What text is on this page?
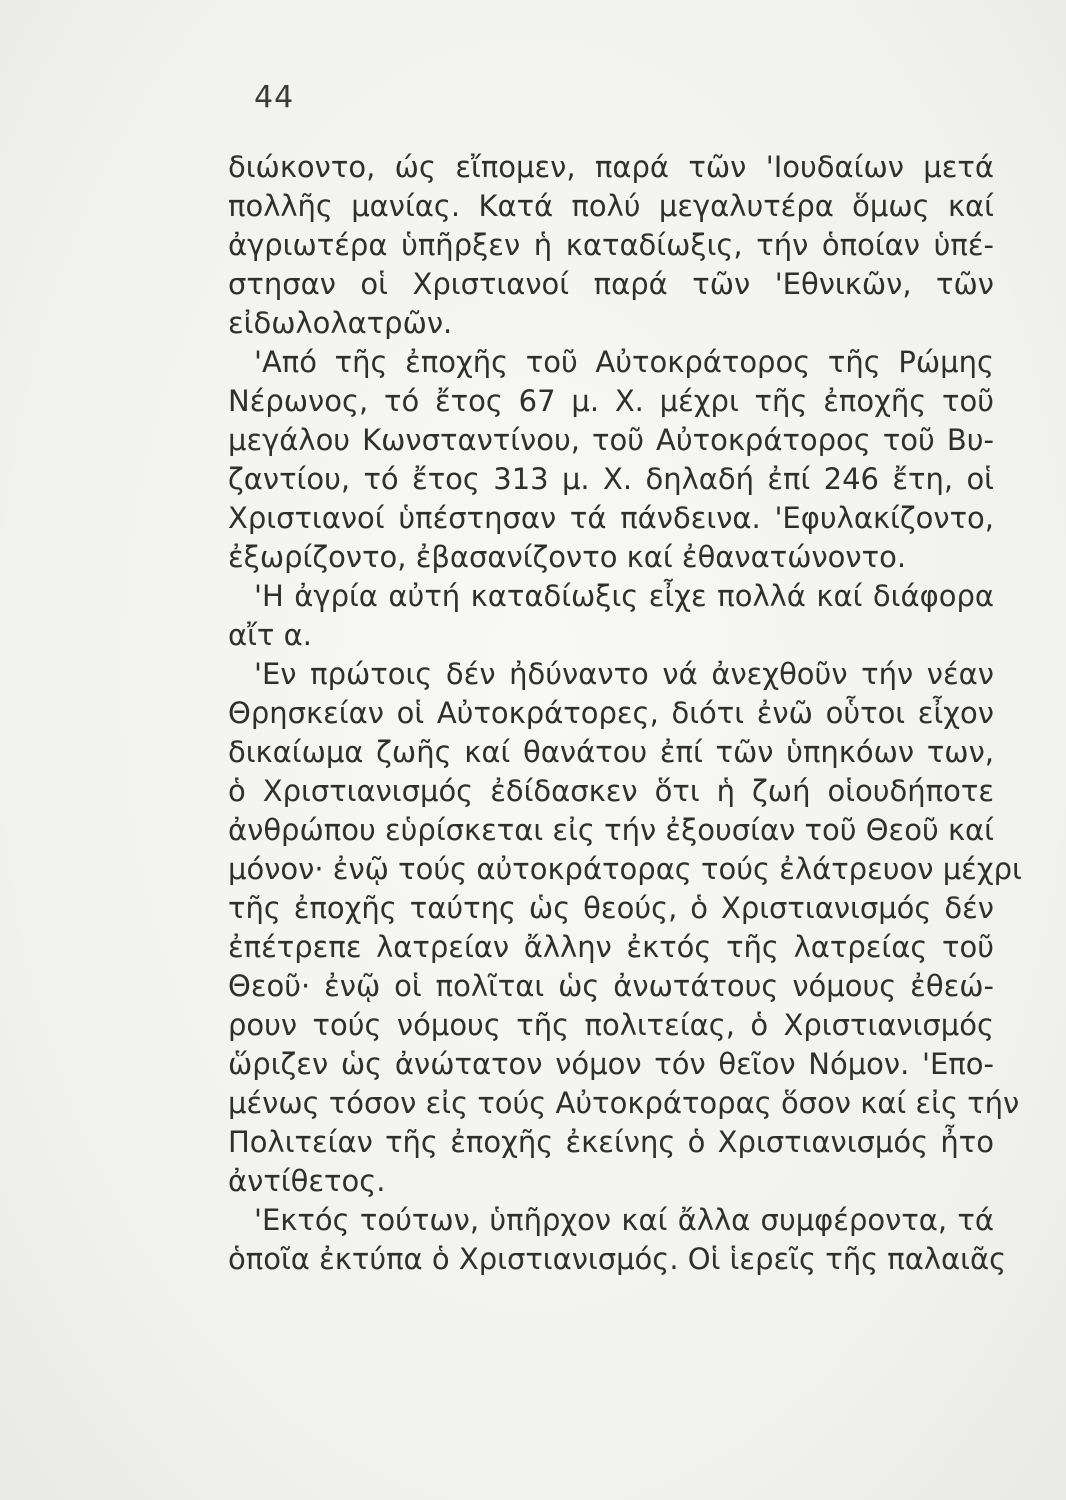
44
διώκοντο, ώς εἴπομεν, παρά τῶν 'Ιουδαίων μετά
πολλῆς μανίας. Κατά πολύ μεγαλυτέρα ὅμως καί
ἀγριωτέρα ὑπῆρξεν ἡ καταδίωξις, τήν ὁποίαν ὑπέ-
στησαν οἱ Χριστιανοί παρά τῶν 'Εθνικῶν, τῶν
εἰδωλολατρῶν.
'Από τῆς ἐποχῆς τοῦ Αὐτοκράτορος τῆς Ρώμης
Νέρωνος, τό ἔτος 67 μ. Χ. μέχρι τῆς ἐποχῆς τοῦ
μεγάλου Κωνσταντίνου, τοῦ Αὐτοκράτορος τοῦ Βυ-
ζαντίου, τό ἔτος 313 μ. Χ. δηλαδή ἐπί 246 ἔτη, οἱ
Χριστιανοί ὑπέστησαν τά πάνδεινα. 'Εφυλακίζοντο,
ἐξωρίζοντο, ἐβασανίζοντο καί ἐθανατώνοντο.
'Η ἀγρία αὐτή καταδίωξις εἶχε πολλά καί διάφορα
αἴτ α.
'Εν πρώτοις δέν ἠδύναντο νά ἀνεχθοῦν τήν νέαν
Θρησκείαν οἱ Αὐτοκράτορες, διότι ἐνῶ οὗτοι εἶχον
δικαίωμα ζωῆς καί θανάτου ἐπί τῶν ὑπηκόων των,
ὁ Χριστιανισμός ἐδίδασκεν ὅτι ἡ ζωή οἱουδήποτε
ἀνθρώπου εὑρίσκεται εἰς τήν ἐξουσίαν τοῦ Θεοῦ καί
μόνον· ἐνῷ τούς αὐτοκράτορας τούς ἐλάτρευον μέχρι
τῆς ἐποχῆς ταύτης ὡς θεούς, ὁ Χριστιανισμός δέν
ἐπέτρεπε λατρείαν ἄλλην ἐκτός τῆς λατρείας τοῦ
Θεοῦ· ἐνῷ οἱ πολῖται ὡς ἀνωτάτους νόμους ἐθεώ-
ρουν τούς νόμους τῆς πολιτείας, ὁ Χριστιανισμός
ὥριζεν ὡς ἀνώτατον νόμον τόν θεῖον Νόμον. 'Επο-
μένως τόσον εἰς τούς Αὐτοκράτορας ὅσον καί εἰς τήν
Πολιτείαν τῆς ἐποχῆς ἐκείνης ὁ Χριστιανισμός ἦτο
ἀντίθετος.
'Εκτός τούτων, ὑπῆρχον καί ἄλλα συμφέροντα, τά
ὁποῖα ἐκτύπα ὁ Χριστιανισμός. Οἱ ἱερεῖς τῆς παλαιᾶς
